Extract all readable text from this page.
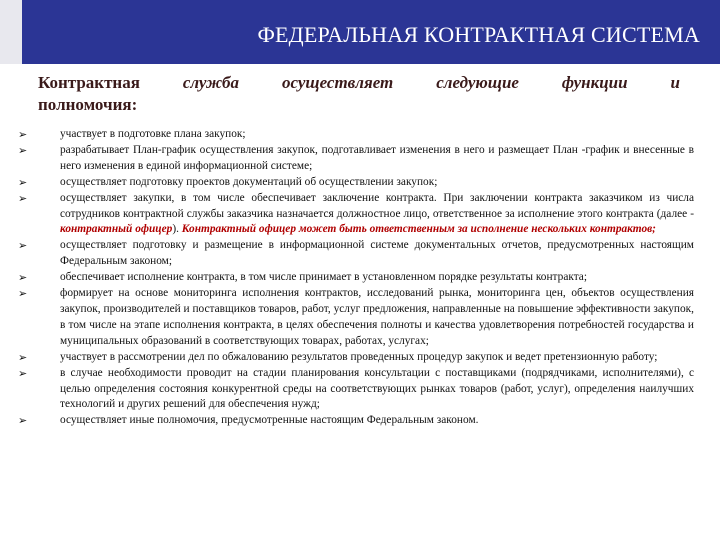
ФЕДЕРАЛЬНАЯ КОНТРАКТНАЯ СИСТЕМА
Контрактная	служба	осуществляет	следующие	функции	и
полномочия:
➢	участвует в подготовке плана закупок;
➢	разрабатывает План-график осуществления закупок, подготавливает изменения в него и размещает План -график и внесенные в него изменения в единой информационной системе;
➢	осуществляет подготовку проектов документаций об осуществлении закупок;
➢	осуществляет закупки, в том числе обеспечивает заключение контракта. При заключении контракта заказчиком из числа сотрудников контрактной службы заказчика назначается должностное лицо, ответственное за исполнение этого контракта (далее - контрактный офицер). Контрактный офицер может быть ответственным за исполнение нескольких контрактов;
➢	осуществляет подготовку и размещение в информационной системе документальных отчетов, предусмотренных настоящим Федеральным законом;
➢	обеспечивает исполнение контракта, в том числе принимает в установленном порядке результаты контракта;
➢	формирует на основе мониторинга исполнения контрактов, исследований рынка, мониторинга цен, объектов осуществления закупок, производителей и поставщиков товаров, работ, услуг предложения, направленные на повышение эффективности закупок, в том числе на этапе исполнения контракта, в целях обеспечения полноты и качества удовлетворения потребностей государства и муниципальных образований в соответствующих товарах, работах, услугах;
➢	участвует в рассмотрении дел по обжалованию результатов проведенных процедур закупок и ведет претензионную работу;
➢	в случае необходимости проводит на стадии планирования консультации с поставщиками (подрядчиками, исполнителями), с целью определения состояния конкурентной среды на соответствующих рынках товаров (работ, услуг), определения наилучших технологий и других решений для обеспечения нужд;
➢	осуществляет иные полномочия, предусмотренные настоящим Федеральным законом.
